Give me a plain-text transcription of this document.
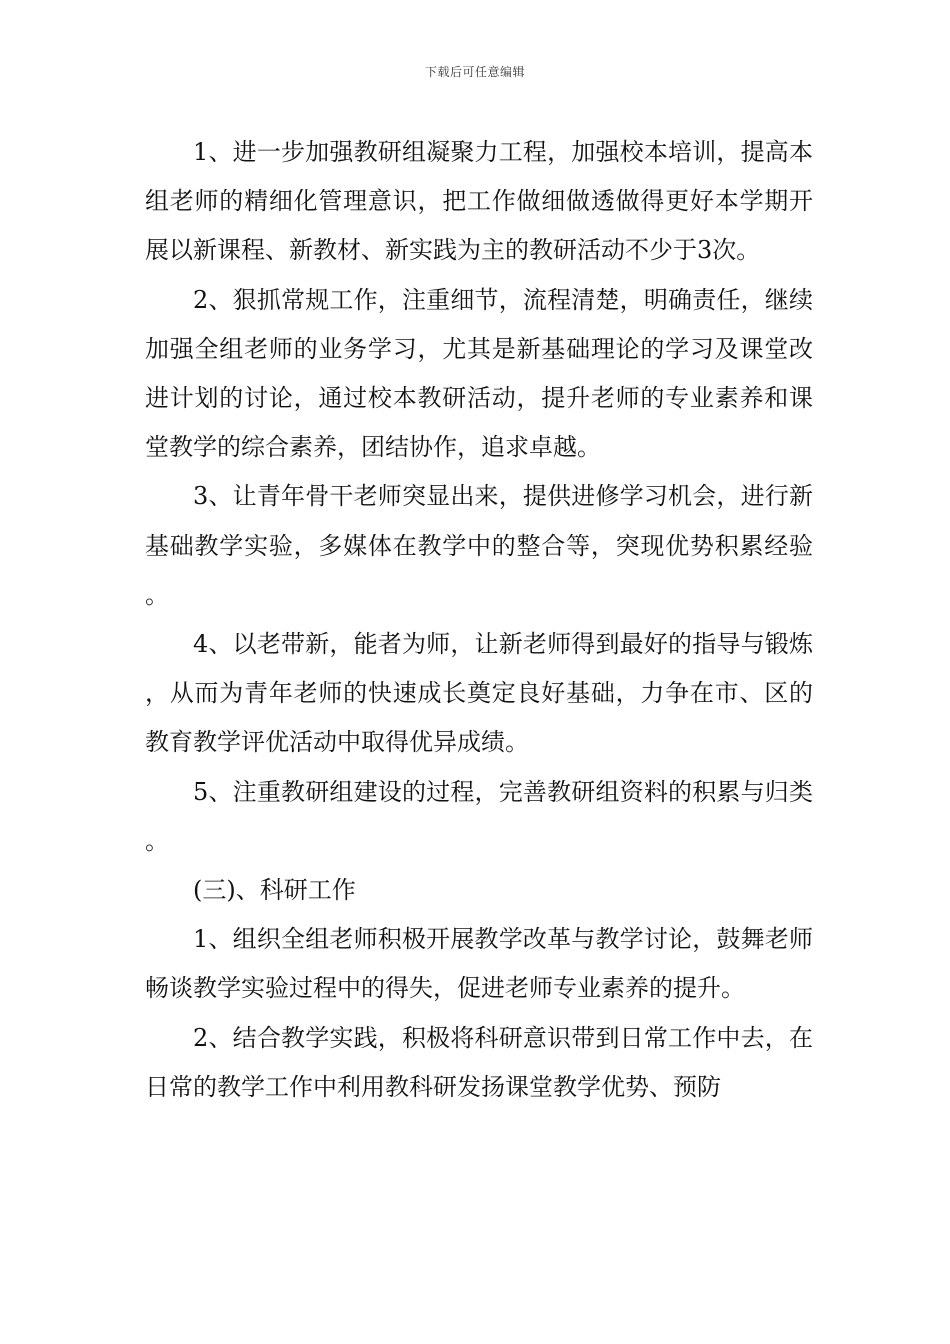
下载后可任意编辑

1、进一步加强教研组凝聚力工程，加强校本培训，提高本组老师的精细化管理意识，把工作做细做透做得更好本学期开展以新课程、新教材、新实践为主的教研活动不少于3次。

2、狠抓常规工作，注重细节，流程清楚，明确责任，继续加强全组老师的业务学习，尤其是新基础理论的学习及课堂改进计划的讨论，通过校本教研活动，提升老师的专业素养和课堂教学的综合素养，团结协作，追求卓越。

3、让青年骨干老师突显出来，提供进修学习机会，进行新基础教学实验，多媒体在教学中的整合等，突现优势积累经验。

4、以老带新，能者为师，让新老师得到最好的指导与锻炼，从而为青年老师的快速成长奠定良好基础，力争在市、区的教育教学评优活动中取得优异成绩。

5、注重教研组建设的过程，完善教研组资料的积累与归类。

(三)、科研工作

1、组织全组老师积极开展教学改革与教学讨论，鼓舞老师畅谈教学实验过程中的得失，促进老师专业素养的提升。

2、结合教学实践，积极将科研意识带到日常工作中去，在日常的教学工作中利用教科研发扬课堂教学优势、预防
